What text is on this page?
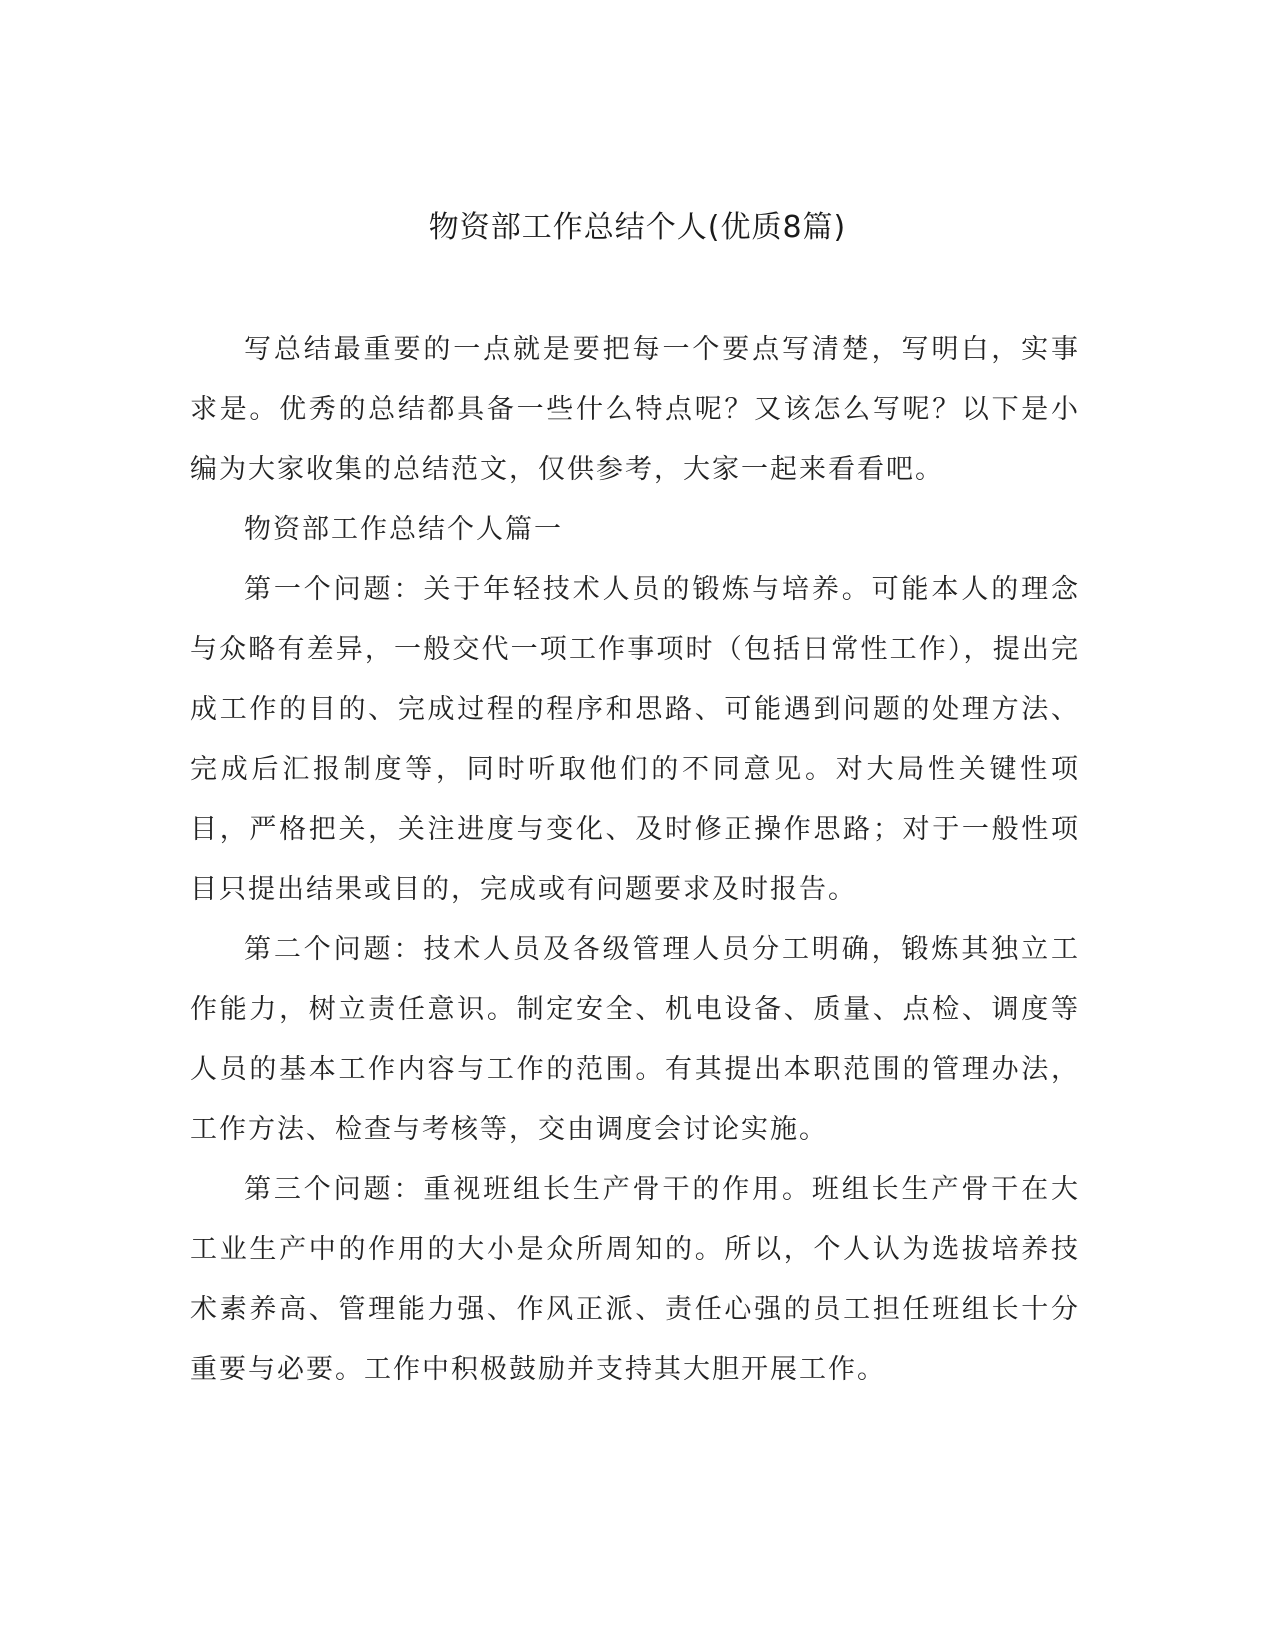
物资部工作总结个人(优质8篇)

写总结最重要的一点就是要把每一个要点写清楚，写明白，实事求是。优秀的总结都具备一些什么特点呢？又该怎么写呢？以下是小编为大家收集的总结范文，仅供参考，大家一起来看看吧。

物资部工作总结个人篇一

第一个问题：关于年轻技术人员的锻炼与培养。可能本人的理念与众略有差异，一般交代一项工作事项时（包括日常性工作），提出完成工作的目的、完成过程的程序和思路、可能遇到问题的处理方法、完成后汇报制度等，同时听取他们的不同意见。对大局性关键性项目，严格把关，关注进度与变化、及时修正操作思路；对于一般性项目只提出结果或目的，完成或有问题要求及时报告。

第二个问题：技术人员及各级管理人员分工明确，锻炼其独立工作能力，树立责任意识。制定安全、机电设备、质量、点检、调度等人员的基本工作内容与工作的范围。有其提出本职范围的管理办法，工作方法、检查与考核等，交由调度会讨论实施。

第三个问题：重视班组长生产骨干的作用。班组长生产骨干在大工业生产中的作用的大小是众所周知的。所以，个人认为选拔培养技术素养高、管理能力强、作风正派、责任心强的员工担任班组长十分重要与必要。工作中积极鼓励并支持其大胆开展工作。
